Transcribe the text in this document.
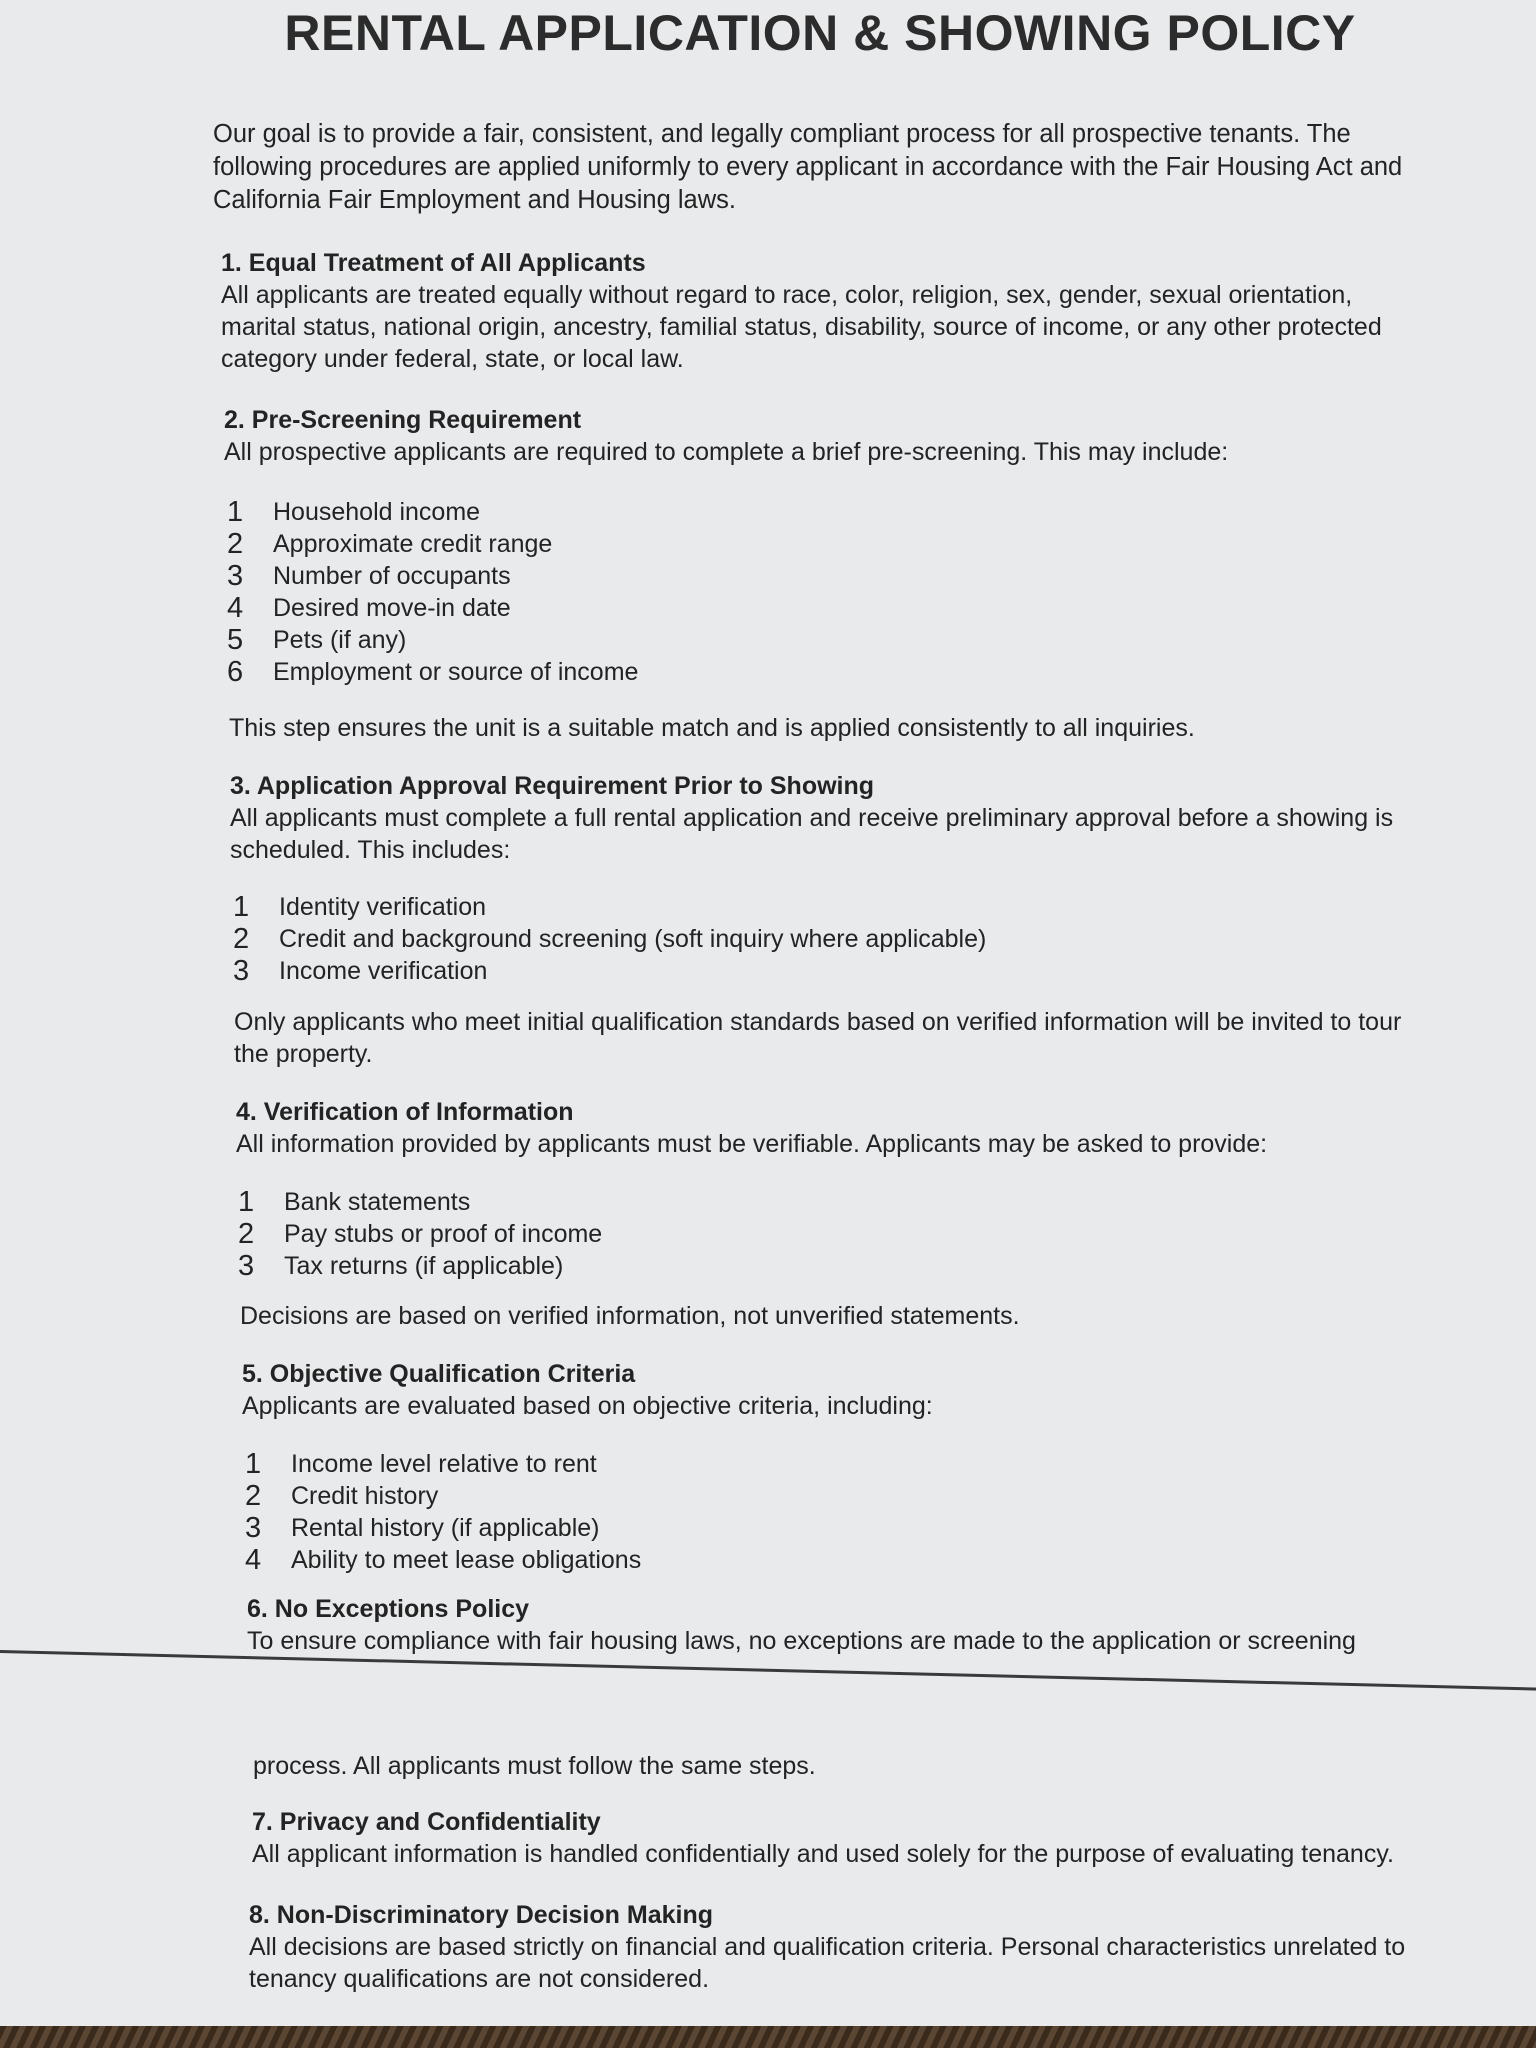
RENTAL APPLICATION & SHOWING POLICY
Our goal is to provide a fair, consistent, and legally compliant process for all prospective tenants. The following procedures are applied uniformly to every applicant in accordance with the Fair Housing Act and California Fair Employment and Housing laws.
1. Equal Treatment of All Applicants
All applicants are treated equally without regard to race, color, religion, sex, gender, sexual orientation, marital status, national origin, ancestry, familial status, disability, source of income, or any other protected category under federal, state, or local law.
2. Pre-Screening Requirement
All prospective applicants are required to complete a brief pre-screening. This may include:
1	Household income
2	Approximate credit range
3	Number of occupants
4	Desired move-in date
5	Pets (if any)
6	Employment or source of income
This step ensures the unit is a suitable match and is applied consistently to all inquiries.
3. Application Approval Requirement Prior to Showing
All applicants must complete a full rental application and receive preliminary approval before a showing is scheduled. This includes:
1	Identity verification
2	Credit and background screening (soft inquiry where applicable)
3	Income verification
Only applicants who meet initial qualification standards based on verified information will be invited to tour the property.
4. Verification of Information
All information provided by applicants must be verifiable. Applicants may be asked to provide:
1	Bank statements
2	Pay stubs or proof of income
3	Tax returns (if applicable)
Decisions are based on verified information, not unverified statements.
5. Objective Qualification Criteria
Applicants are evaluated based on objective criteria, including:
1	Income level relative to rent
2	Credit history
3	Rental history (if applicable)
4	Ability to meet lease obligations
6. No Exceptions Policy
To ensure compliance with fair housing laws, no exceptions are made to the application or screening
process. All applicants must follow the same steps.
7. Privacy and Confidentiality
All applicant information is handled confidentially and used solely for the purpose of evaluating tenancy.
8. Non-Discriminatory Decision Making
All decisions are based strictly on financial and qualification criteria. Personal characteristics unrelated to tenancy qualifications are not considered.
